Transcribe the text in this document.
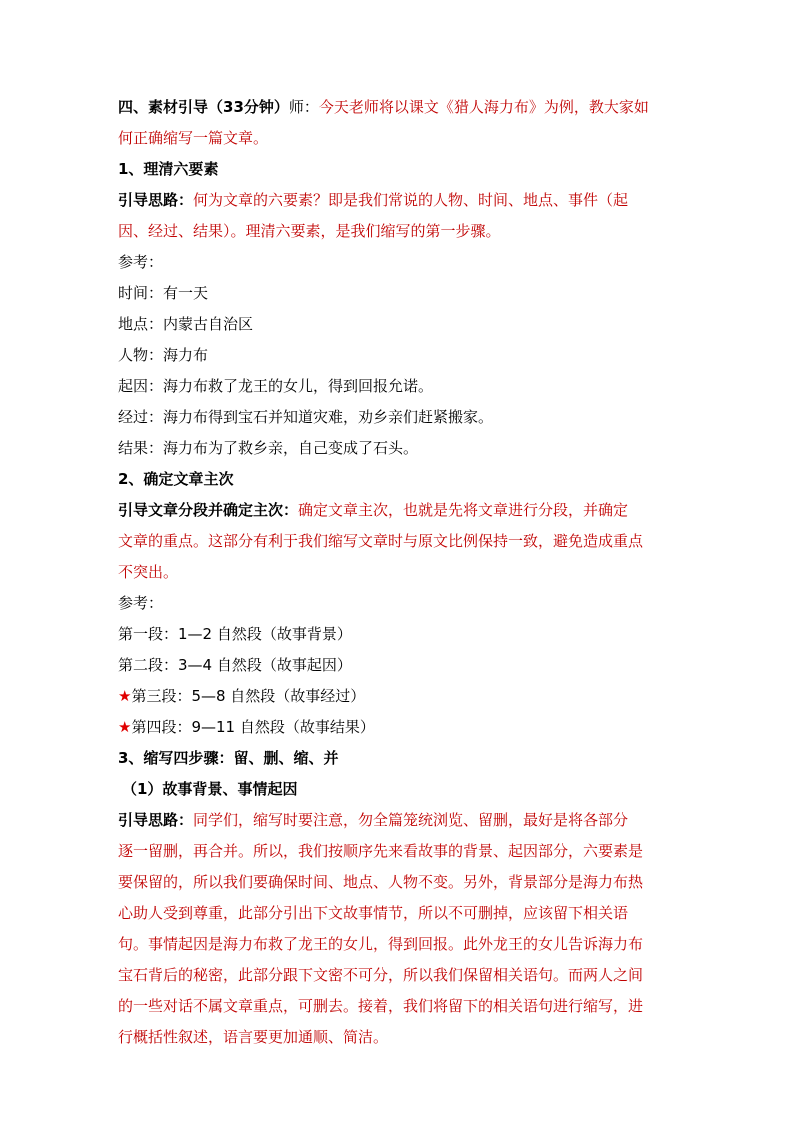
四、素材引导（33分钟）师：今天老师将以课文《猎人海力布》为例，教大家如
何正确缩写一篇文章。
1、理清六要素
引导思路：何为文章的六要素？即是我们常说的人物、时间、地点、事件（起
因、经过、结果）。理清六要素，是我们缩写的第一步骤。
参考：
时间：有一天
地点：内蒙古自治区
人物：海力布
起因：海力布救了龙王的女儿，得到回报允诺。
经过：海力布得到宝石并知道灾难，劝乡亲们赶紧搬家。
结果：海力布为了救乡亲，自己变成了石头。
2、确定文章主次
引导文章分段并确定主次：确定文章主次，也就是先将文章进行分段，并确定
文章的重点。这部分有利于我们缩写文章时与原文比例保持一致，避免造成重点
不突出。
参考：
第一段：1—2 自然段（故事背景）
第二段：3—4 自然段（故事起因）
★第三段：5—8 自然段（故事经过）
★第四段：9—11 自然段（故事结果）
3、缩写四步骤：留、删、缩、并
（1）故事背景、事情起因
引导思路：同学们，缩写时要注意，勿全篇笼统浏览、留删，最好是将各部分
逐一留删，再合并。所以，我们按顺序先来看故事的背景、起因部分，六要素是
要保留的，所以我们要确保时间、地点、人物不变。另外，背景部分是海力布热
心助人受到尊重，此部分引出下文故事情节，所以不可删掉，应该留下相关语
句。事情起因是海力布救了龙王的女儿，得到回报。此外龙王的女儿告诉海力布
宝石背后的秘密，此部分跟下文密不可分，所以我们保留相关语句。而两人之间
的一些对话不属文章重点，可删去。接着，我们将留下的相关语句进行缩写，进
行概括性叙述，语言要更加通顺、简洁。
